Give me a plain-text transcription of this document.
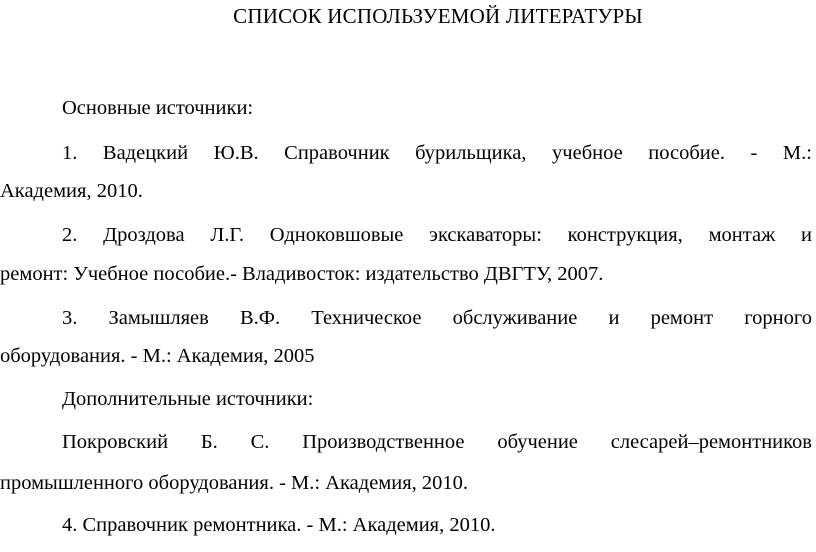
СПИСОК ИСПОЛЬЗУЕМОЙ ЛИТЕРАТУРЫ
Основные источники:
1. Вадецкий Ю.В. Справочник бурильщика, учебное пособие. - М.:
Академия, 2010.
2. Дроздова Л.Г. Одноковшовые экскаваторы: конструкция, монтаж и
ремонт: Учебное пособие.- Владивосток: издательство ДВГТУ, 2007.
3. Замышляев В.Ф. Техническое обслуживание и ремонт горного
оборудования. - М.: Академия, 2005
Дополнительные источники:
Покровский Б. С. Производственное обучение слесарей–ремонтников
промышленного оборудования. - М.: Академия, 2010.
4. Справочник ремонтника. - М.: Академия, 2010.
